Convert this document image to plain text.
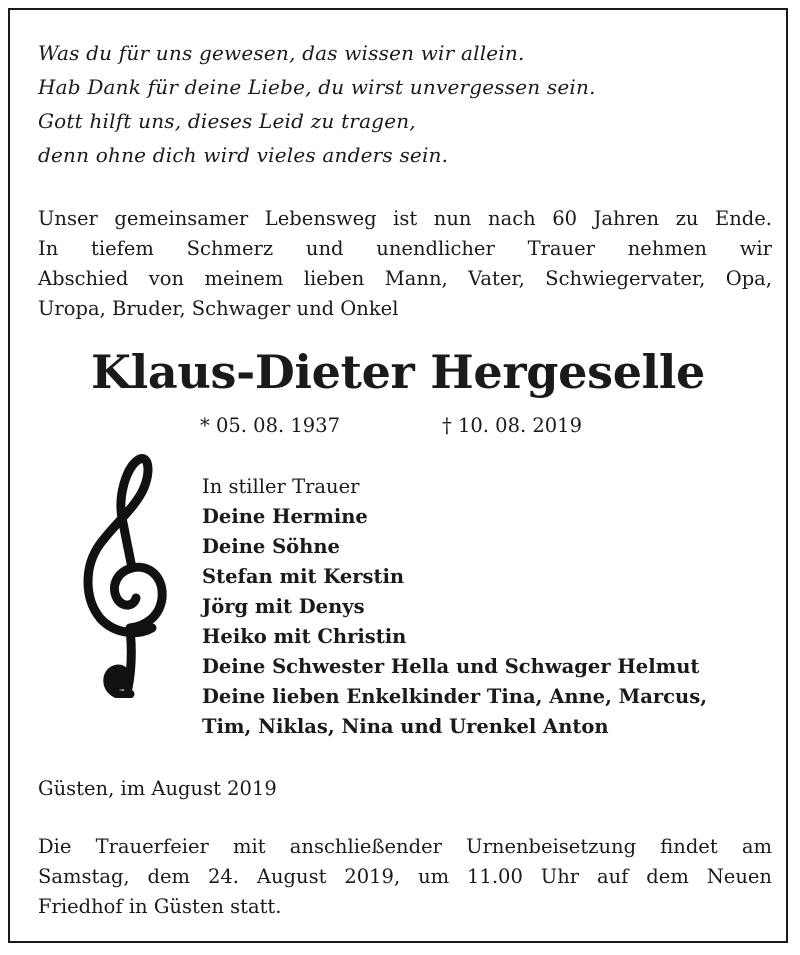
Was du für uns gewesen, das wissen wir allein.
Hab Dank für deine Liebe, du wirst unvergessen sein.
Gott hilft uns, dieses Leid zu tragen,
denn ohne dich wird vieles anders sein.
Unser gemeinsamer Lebensweg ist nun nach 60 Jahren zu Ende.
In tiefem Schmerz und unendlicher Trauer nehmen wir
Abschied von meinem lieben Mann, Vater, Schwiegervater, Opa,
Uropa, Bruder, Schwager und Onkel
Klaus-Dieter Hergeselle
* 05. 08. 1937	† 10. 08. 2019
In stiller Trauer
Deine Hermine
Deine Söhne
Stefan mit Kerstin
Jörg mit Denys
Heiko mit Christin
Deine Schwester Hella und Schwager Helmut
Deine lieben Enkelkinder Tina, Anne, Marcus,
Tim, Niklas, Nina und Urenkel Anton
Güsten, im August 2019
Die Trauerfeier mit anschließender Urnenbeisetzung findet am
Samstag, dem 24. August 2019, um 11.00 Uhr auf dem Neuen
Friedhof in Güsten statt.
